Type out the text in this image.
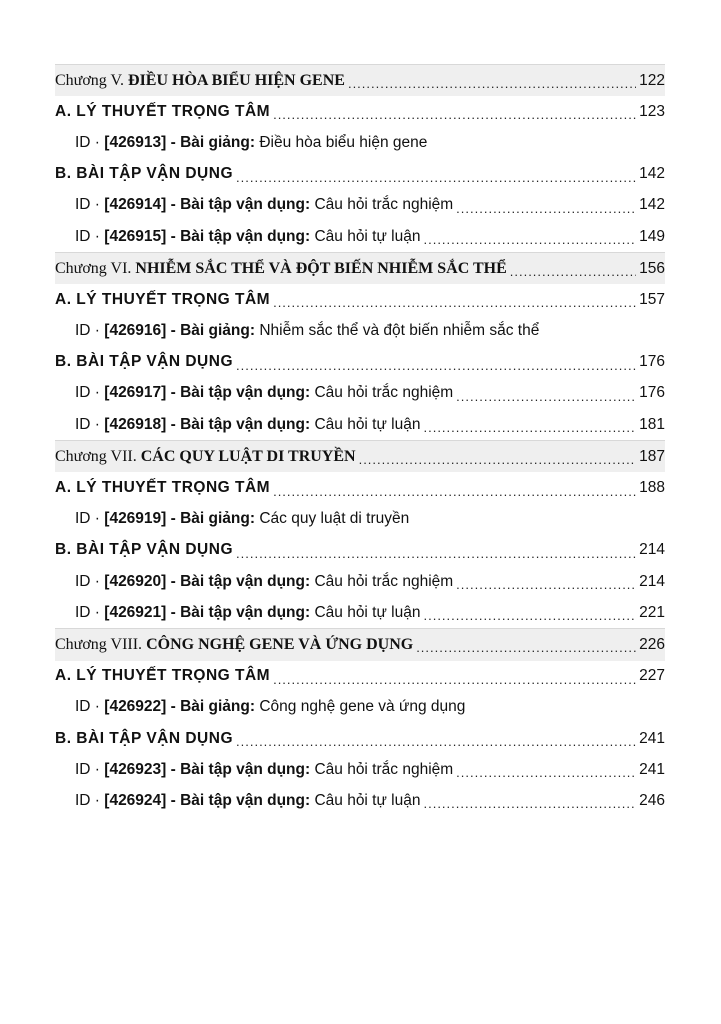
Chương V. ĐIỀU HÒA BIỂU HIỆN GENE .....	122
A. LÝ THUYẾT TRỌNG TÂM .....	123
ID · [426913] - Bài giảng: Điều hòa biểu hiện gene
B. BÀI TẬP VẬN DỤNG .....	142
ID · [426914] - Bài tập vận dụng: Câu hỏi trắc nghiệm .....	142
ID · [426915] - Bài tập vận dụng: Câu hỏi tự luận .....	149
Chương VI. NHIỄM SẮC THỂ VÀ ĐỘT BIẾN NHIỄM SẮC THỂ .....	156
A. LÝ THUYẾT TRỌNG TÂM .....	157
ID · [426916] - Bài giảng: Nhiễm sắc thể và đột biến nhiễm sắc thể
B. BÀI TẬP VẬN DỤNG .....	176
ID · [426917] - Bài tập vận dụng: Câu hỏi trắc nghiệm .....	176
ID · [426918] - Bài tập vận dụng: Câu hỏi tự luận .....	181
Chương VII. CÁC QUY LUẬT DI TRUYỀN .....	187
A. LÝ THUYẾT TRỌNG TÂM .....	188
ID · [426919] - Bài giảng: Các quy luật di truyền
B. BÀI TẬP VẬN DỤNG .....	214
ID · [426920] - Bài tập vận dụng: Câu hỏi trắc nghiệm .....	214
ID · [426921] - Bài tập vận dụng: Câu hỏi tự luận .....	221
Chương VIII. CÔNG NGHỆ GENE VÀ ỨNG DỤNG .....	226
A. LÝ THUYẾT TRỌNG TÂM .....	227
ID · [426922] - Bài giảng: Công nghệ gene và ứng dụng
B. BÀI TẬP VẬN DỤNG .....	241
ID · [426923] - Bài tập vận dụng: Câu hỏi trắc nghiệm .....	241
ID · [426924] - Bài tập vận dụng: Câu hỏi tự luận .....	246
